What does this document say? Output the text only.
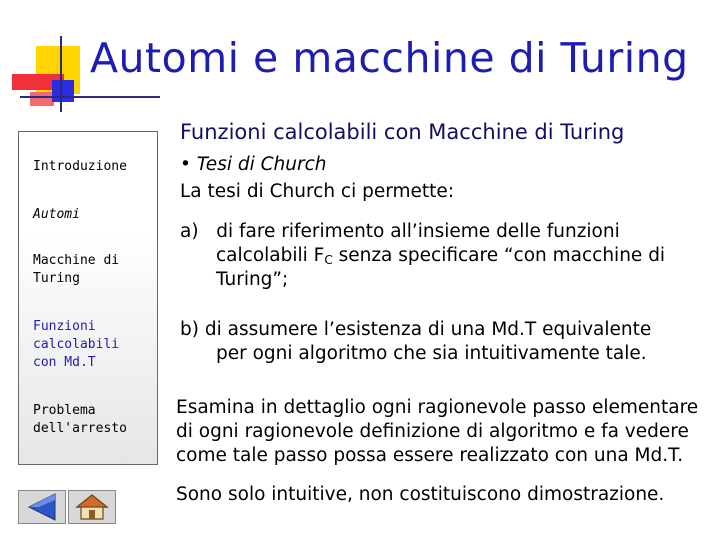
Automi e macchine di Turing
Funzioni calcolabili con Macchine di Turing
Introduzione
Automi
Macchine di Turing
Funzioni calcolabili con Md.T
Problema dell'arresto
• Tesi di Church
La tesi di Church ci permette:
a) di fare riferimento all’insieme delle funzioni
calcolabili $F_C$ senza specificare “con macchine di
Turing”;
b) di assumere l’esistenza di una Md.T equivalente
per ogni algoritmo che sia intuitivamente tale.
Esamina in dettaglio ogni ragionevole passo elementare
di ogni ragionevole definizione di algoritmo e fa vedere
come tale passo possa essere realizzato con una Md.T.
Sono solo intuitive, non costituiscono dimostrazione.
